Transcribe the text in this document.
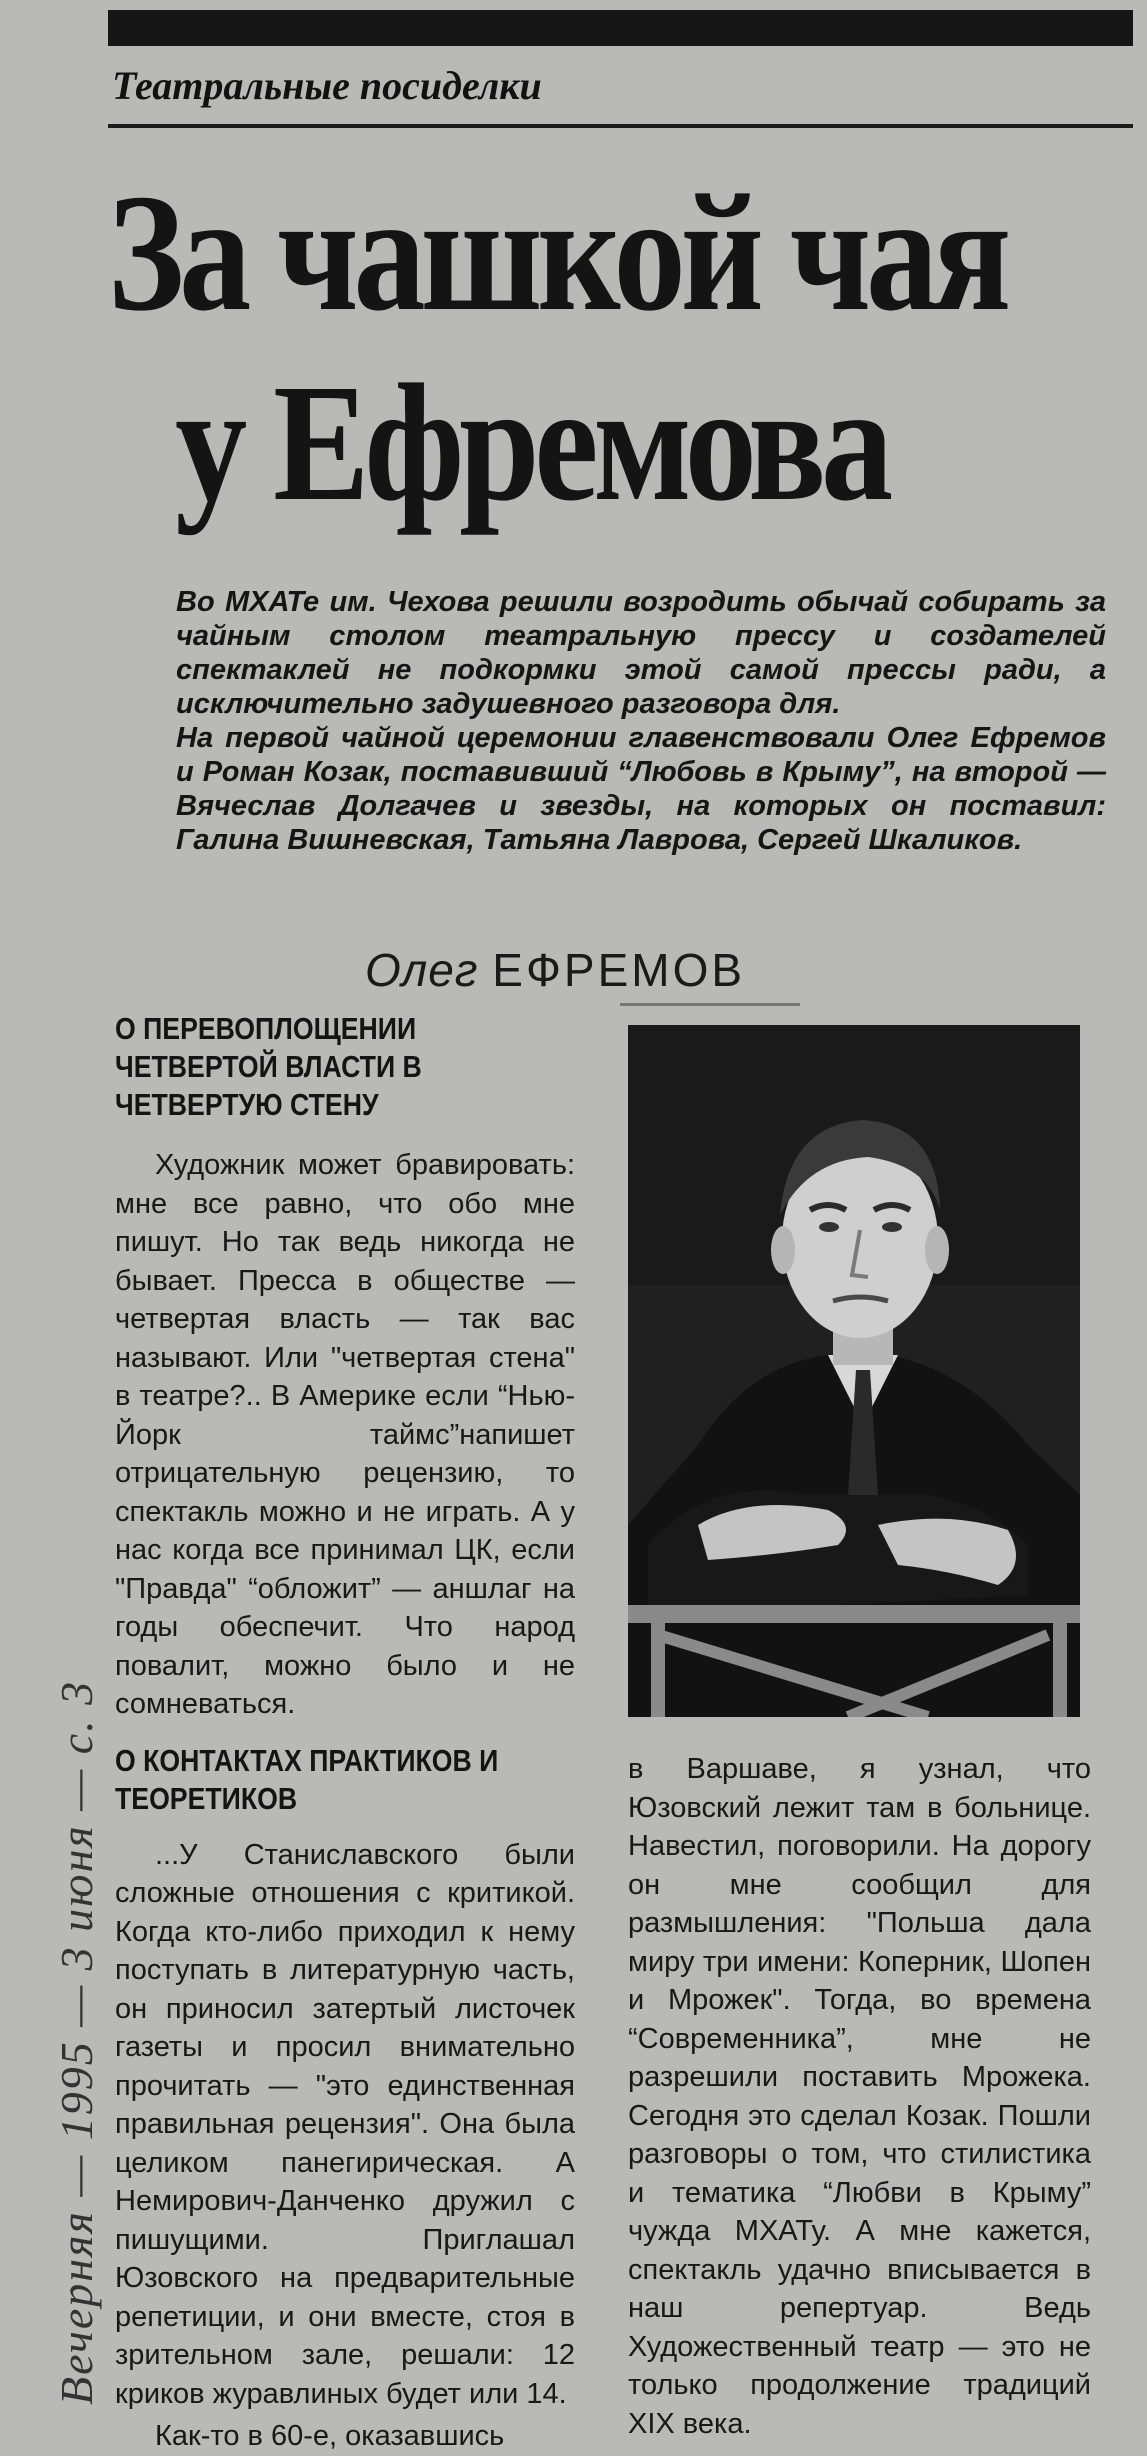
Театральные посиделки
За чашкой чая
у Ефремова

Во МХАТе им. Чехова решили возродить обычай собирать за чайным столом театральную прессу и создателей спектаклей не подкормки этой самой прессы ради, а исключительно задушевного разговора для.

На первой чайной церемонии главенствовали Олег Ефремов и Роман Козак, поставивший “Любовь в Крыму”, на второй — Вячеслав Долгачев и звезды, на которых он поставил: Галина Вишневская, Татьяна Лаврова, Сергей Шкаликов.

Олег ЕФРЕМОВ
О ПЕРЕВОПЛОЩЕНИИ ЧЕТВЕРТОЙ ВЛАСТИ В ЧЕТВЕРТУЮ СТЕНУ

Художник может бравировать: мне все равно, что обо мне пишут. Но так ведь никогда не бывает. Пресса в обществе — четвертая власть — так вас называют. Или "четвертая стена" в театре?.. В Америке если “Нью-Йорк таймс”напишет отрицательную рецензию, то спектакль можно и не играть. А у нас когда все принимал ЦК, если "Правда" “обложит” — аншлаг на годы обеспечит. Что народ повалит, можно было и не сомневаться.

О КОНТАКТАХ ПРАКТИКОВ И ТЕОРЕТИКОВ

...У Станиславского были сложные отношения с критикой. Когда кто-либо приходил к нему поступать в литературную часть, он приносил затертый листочек газеты и просил внимательно прочитать — "это единственная правильная рецензия". Она была целиком панегирическая. А Немирович-Данченко дружил с пишущими. Приглашал Юзовского на предварительные репетиции, и они вместе, стоя в зрительном зале, решали: 12 криков журавлиных будет или 14.

Как-то в 60-е, оказавшись

в Варшаве, я узнал, что Юзовский лежит там в больнице. Навестил, поговорили. На дорогу он мне сообщил для размышления: "Польша дала миру три имени: Коперник, Шопен и Мрожек". Тогда, во времена “Современника”, мне не разрешили поставить Мрожека. Сегодня это сделал Козак. Пошли разговоры о том, что стилистика и тематика “Любви в Крыму” чужда МХАТу. А мне кажется, спектакль удачно вписывается в наш репертуар. Ведь Художественный театр — это не только продолжение традиций XIX века.

Вечерняя — 1995 — 3 июня — с. 3
